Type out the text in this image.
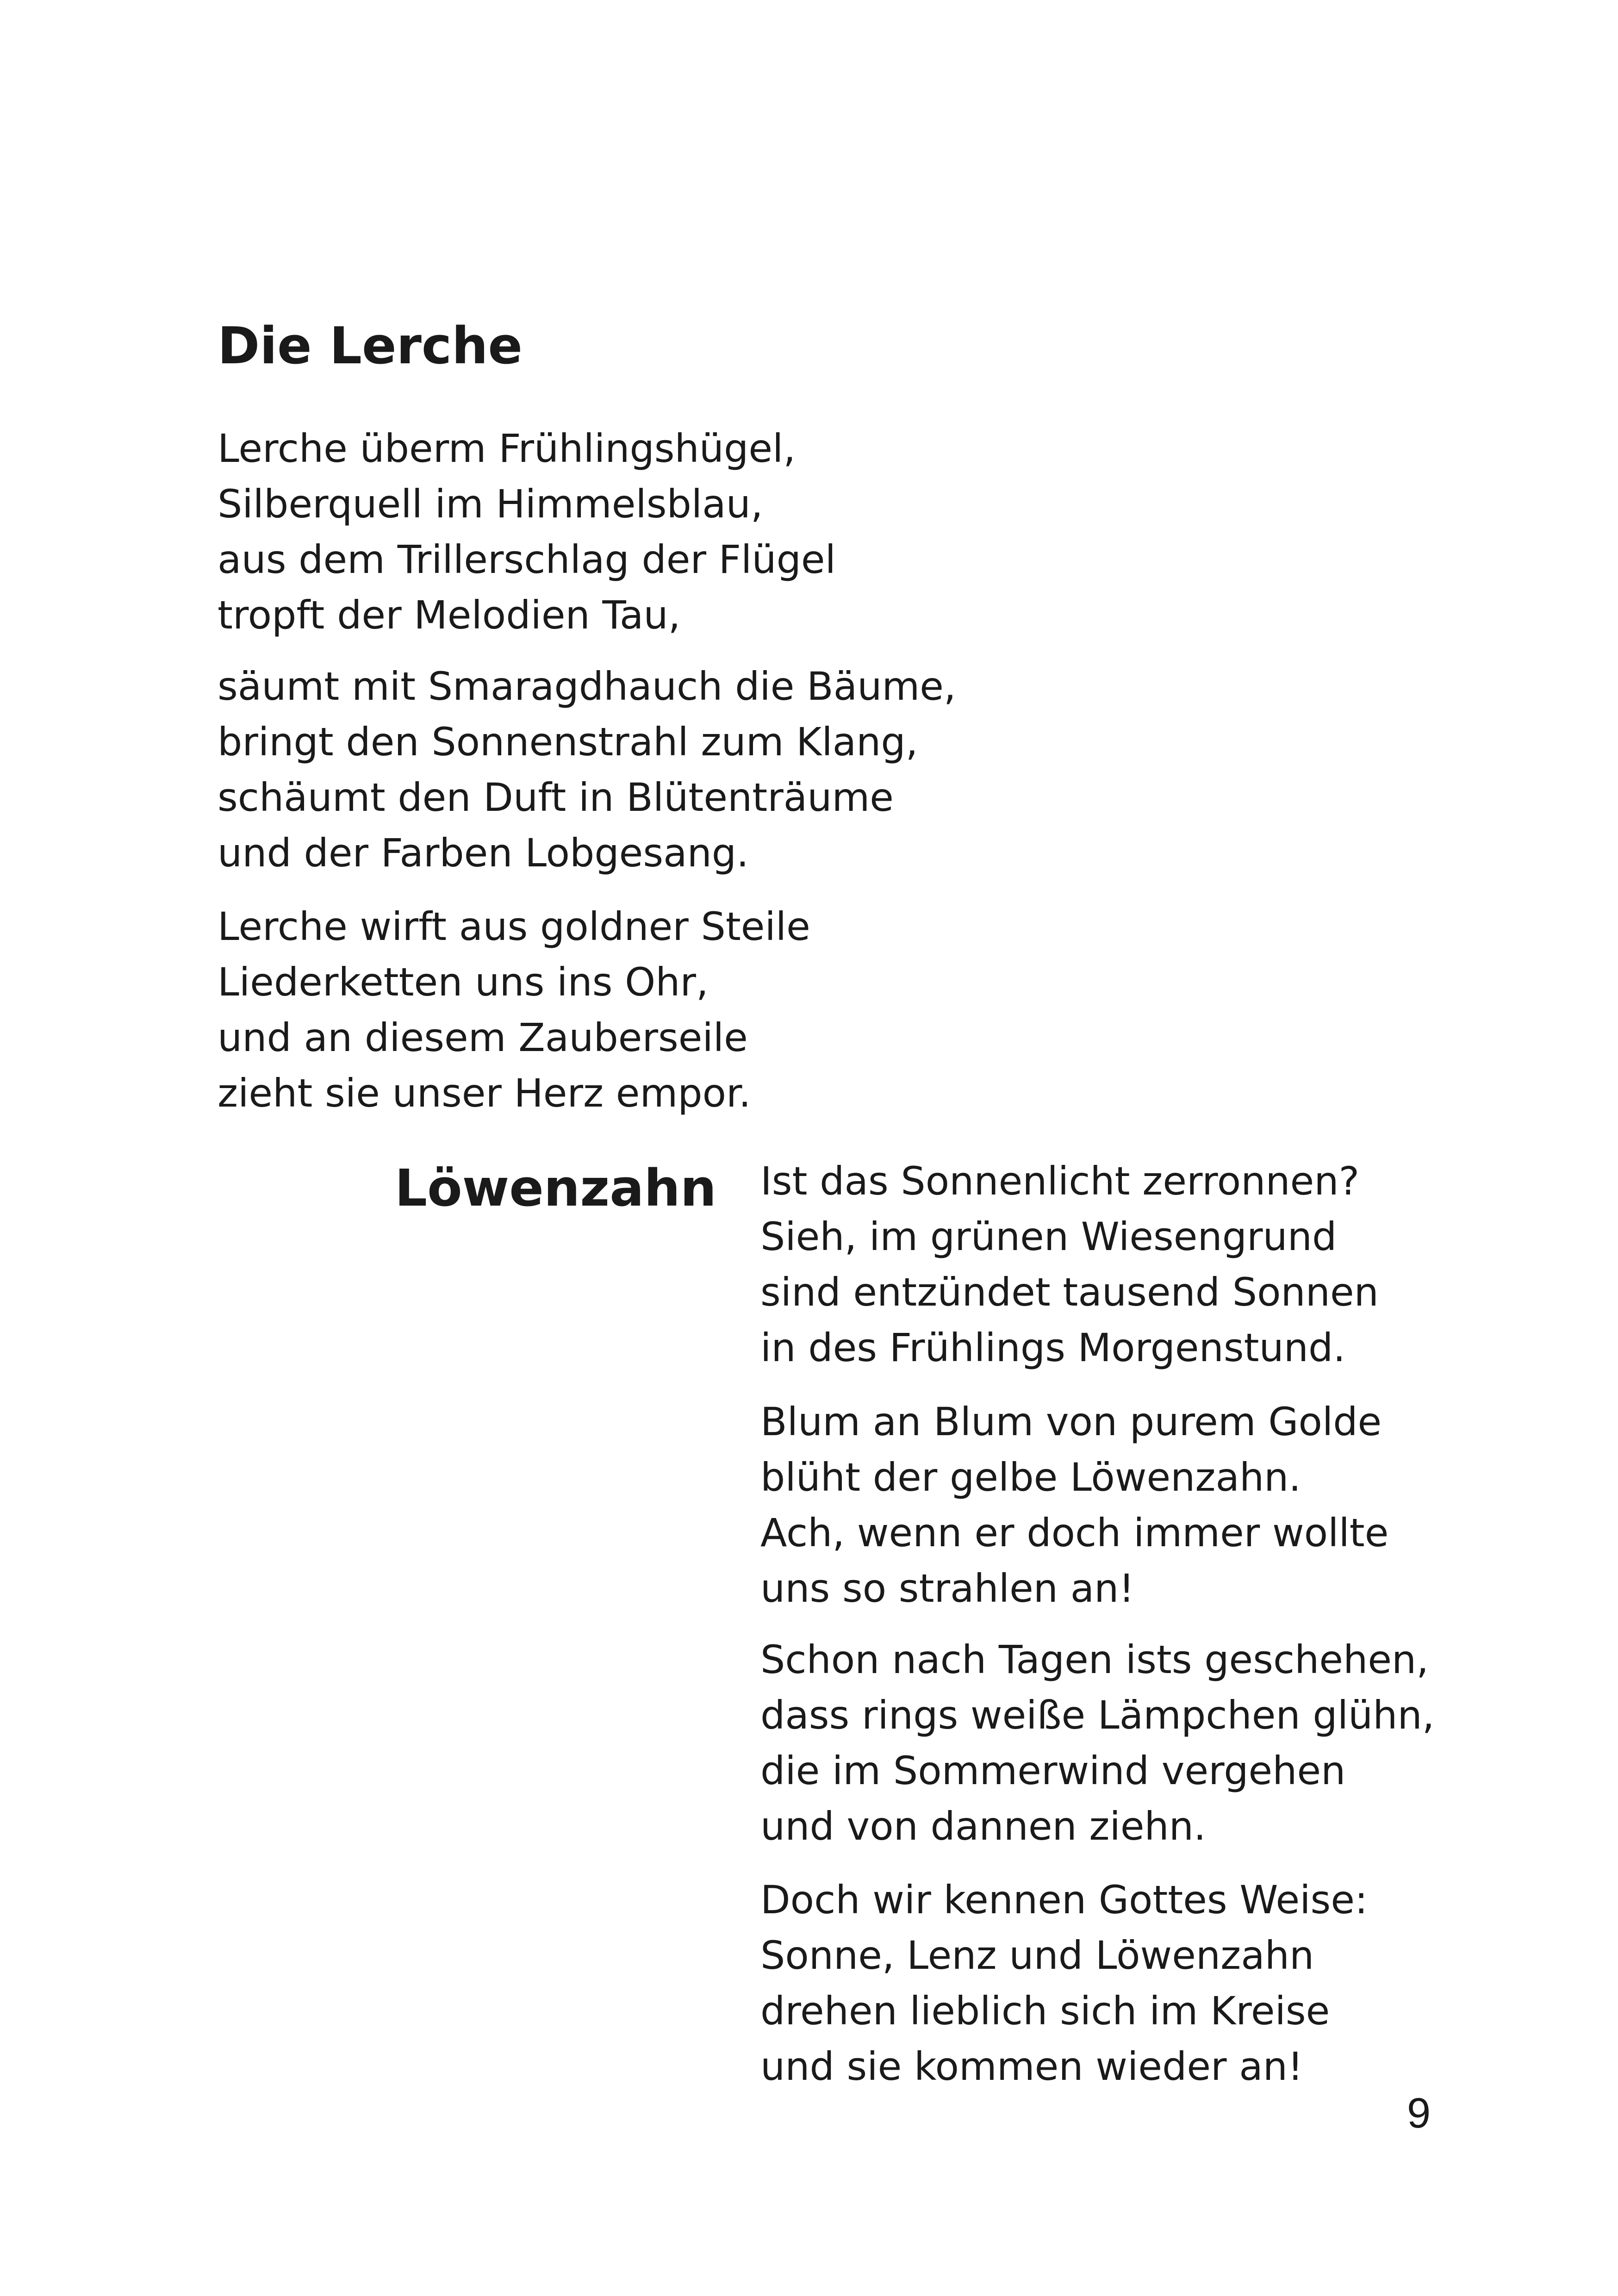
Die Lerche

Lerche überm Frühlingshügel,
Silberquell im Himmelsblau,
aus dem Trillerschlag der Flügel
tropft der Melodien Tau,

säumt mit Smaragdhauch die Bäume,
bringt den Sonnenstrahl zum Klang,
schäumt den Duft in Blütenträume
und der Farben Lobgesang.

Lerche wirft aus goldner Steile
Liederketten uns ins Ohr,
und an diesem Zauberseile
zieht sie unser Herz empor.

Löwenzahn Ist das Sonnenlicht zerronnen?
Sieh, im grünen Wiesengrund
sind entzündet tausend Sonnen
in des Frühlings Morgenstund.

Blum an Blum von purem Golde
blüht der gelbe Löwenzahn.
Ach, wenn er doch immer wollte
uns so strahlen an!

Schon nach Tagen ists geschehen,
dass rings weiße Lämpchen glühn,
die im Sommerwind vergehen
und von dannen ziehn.

Doch wir kennen Gottes Weise:
Sonne, Lenz und Löwenzahn
drehen lieblich sich im Kreise
und sie kommen wieder an!

9
